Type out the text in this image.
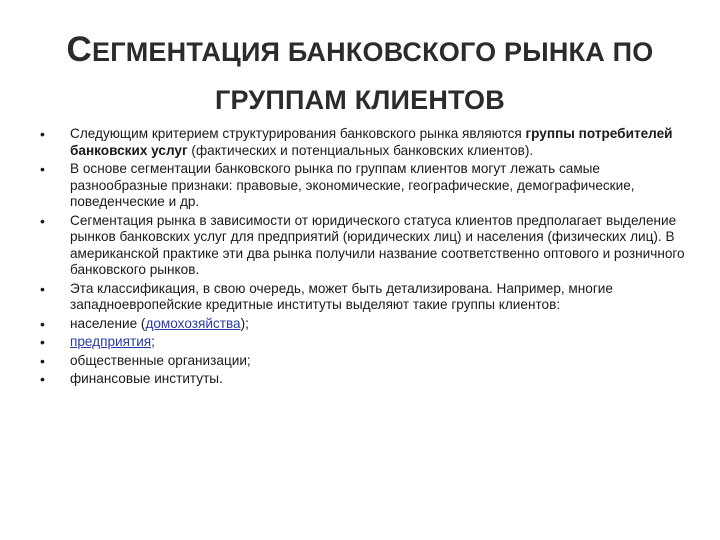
СЕГМЕНТАЦИЯ БАНКОВСКОГО РЫНКА ПО
ГРУППАМ КЛИЕНТОВ
•	Следующим критерием структурирования банковского рынка являются группы потребителей банковских услуг (фактических и потенциальных банковских клиентов).
•	В основе сегментации банковского рынка по группам клиентов могут лежать самые разнообразные признаки: правовые, экономические, географические, демографические, поведенческие и др.
•	Сегментация рынка в зависимости от юридического статуса клиентов предполагает выделение рынков банковских услуг для предприятий (юридических лиц) и населения (физических лиц). В американской практике эти два рынка получили название соответственно оптового и розничного банковского рынков.
•	Эта классификация, в свою очередь, может быть детализирована. Например, многие западноевропейские кредитные институты выделяют такие группы клиентов:
•	население (домохозяйства);
•	предприятия;
•	общественные организации;
•	финансовые институты.
